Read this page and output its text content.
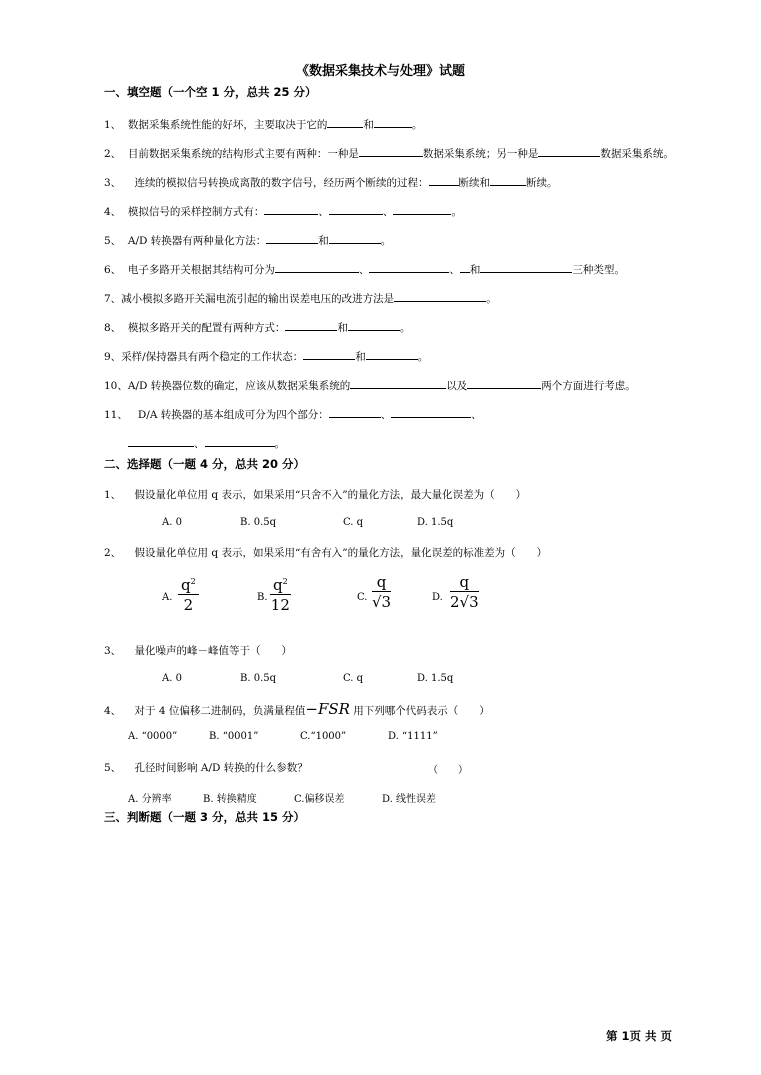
《数据采集技术与处理》试题
一、填空题（一个空 1 分，总共 25 分）
1、 数据采集系统性能的好坏，主要取决于它的	和	。
2、 目前数据采集系统的结构形式主要有两种：一种是	数据采集系统；另一种是	数据采集系统。
3、 连续的模拟信号转换成离散的数字信号，经历两个断续的过程：	断续和	断续。
4、 模拟信号的采样控制方式有：	、	、	。
5、 A/D 转换器有两种量化方法：	和	。
6、 电子多路开关根据其结构可分为	、	、 和	三种类型。
7、减小模拟多路开关漏电流引起的输出误差电压的改进方法是	。
8、 模拟多路开关的配置有两种方式：	和	。
9、采样/保持器具有两个稳定的工作状态：	和	。
10、A/D 转换器位数的确定，应该从数据采集系统的	以及	两个方面进行考虑。
11、 D/A 转换器的基本组成可分为四个部分：	、	、
、	。
二、选择题（一题 4 分，总共 20 分）
1、 假设量化单位用 q 表示，如果采用“只舍不入”的量化方法，最大量化误差为（　　）
A. 0	B. 0.5q	C. q	D. 1.5q
2、 假设量化单位用 q 表示，如果采用“有舍有入”的量化方法，量化误差的标准差为（　　）
A. $\frac{q^2}{2}$	B. $\frac{q^2}{12}$	C. $\frac{q}{√3}$	D. $\frac{q}{2√3}$
3、 量化噪声的峰－峰值等于（　　）
A. 0	B. 0.5q	C. q	D. 1.5q
4、 对于 4 位偏移二进制码，负满量程值−FSR 用下列哪个代码表示（　　）
A. “0000”	B. “0001”	C.“1000”	D. “1111”
5、 孔径时间影响 A/D 转换的什么参数？	（　　）
A. 分辨率	B. 转换精度	C.偏移误差	D. 线性误差
三、判断题（一题 3 分，总共 15 分）
第 1页 共 页
